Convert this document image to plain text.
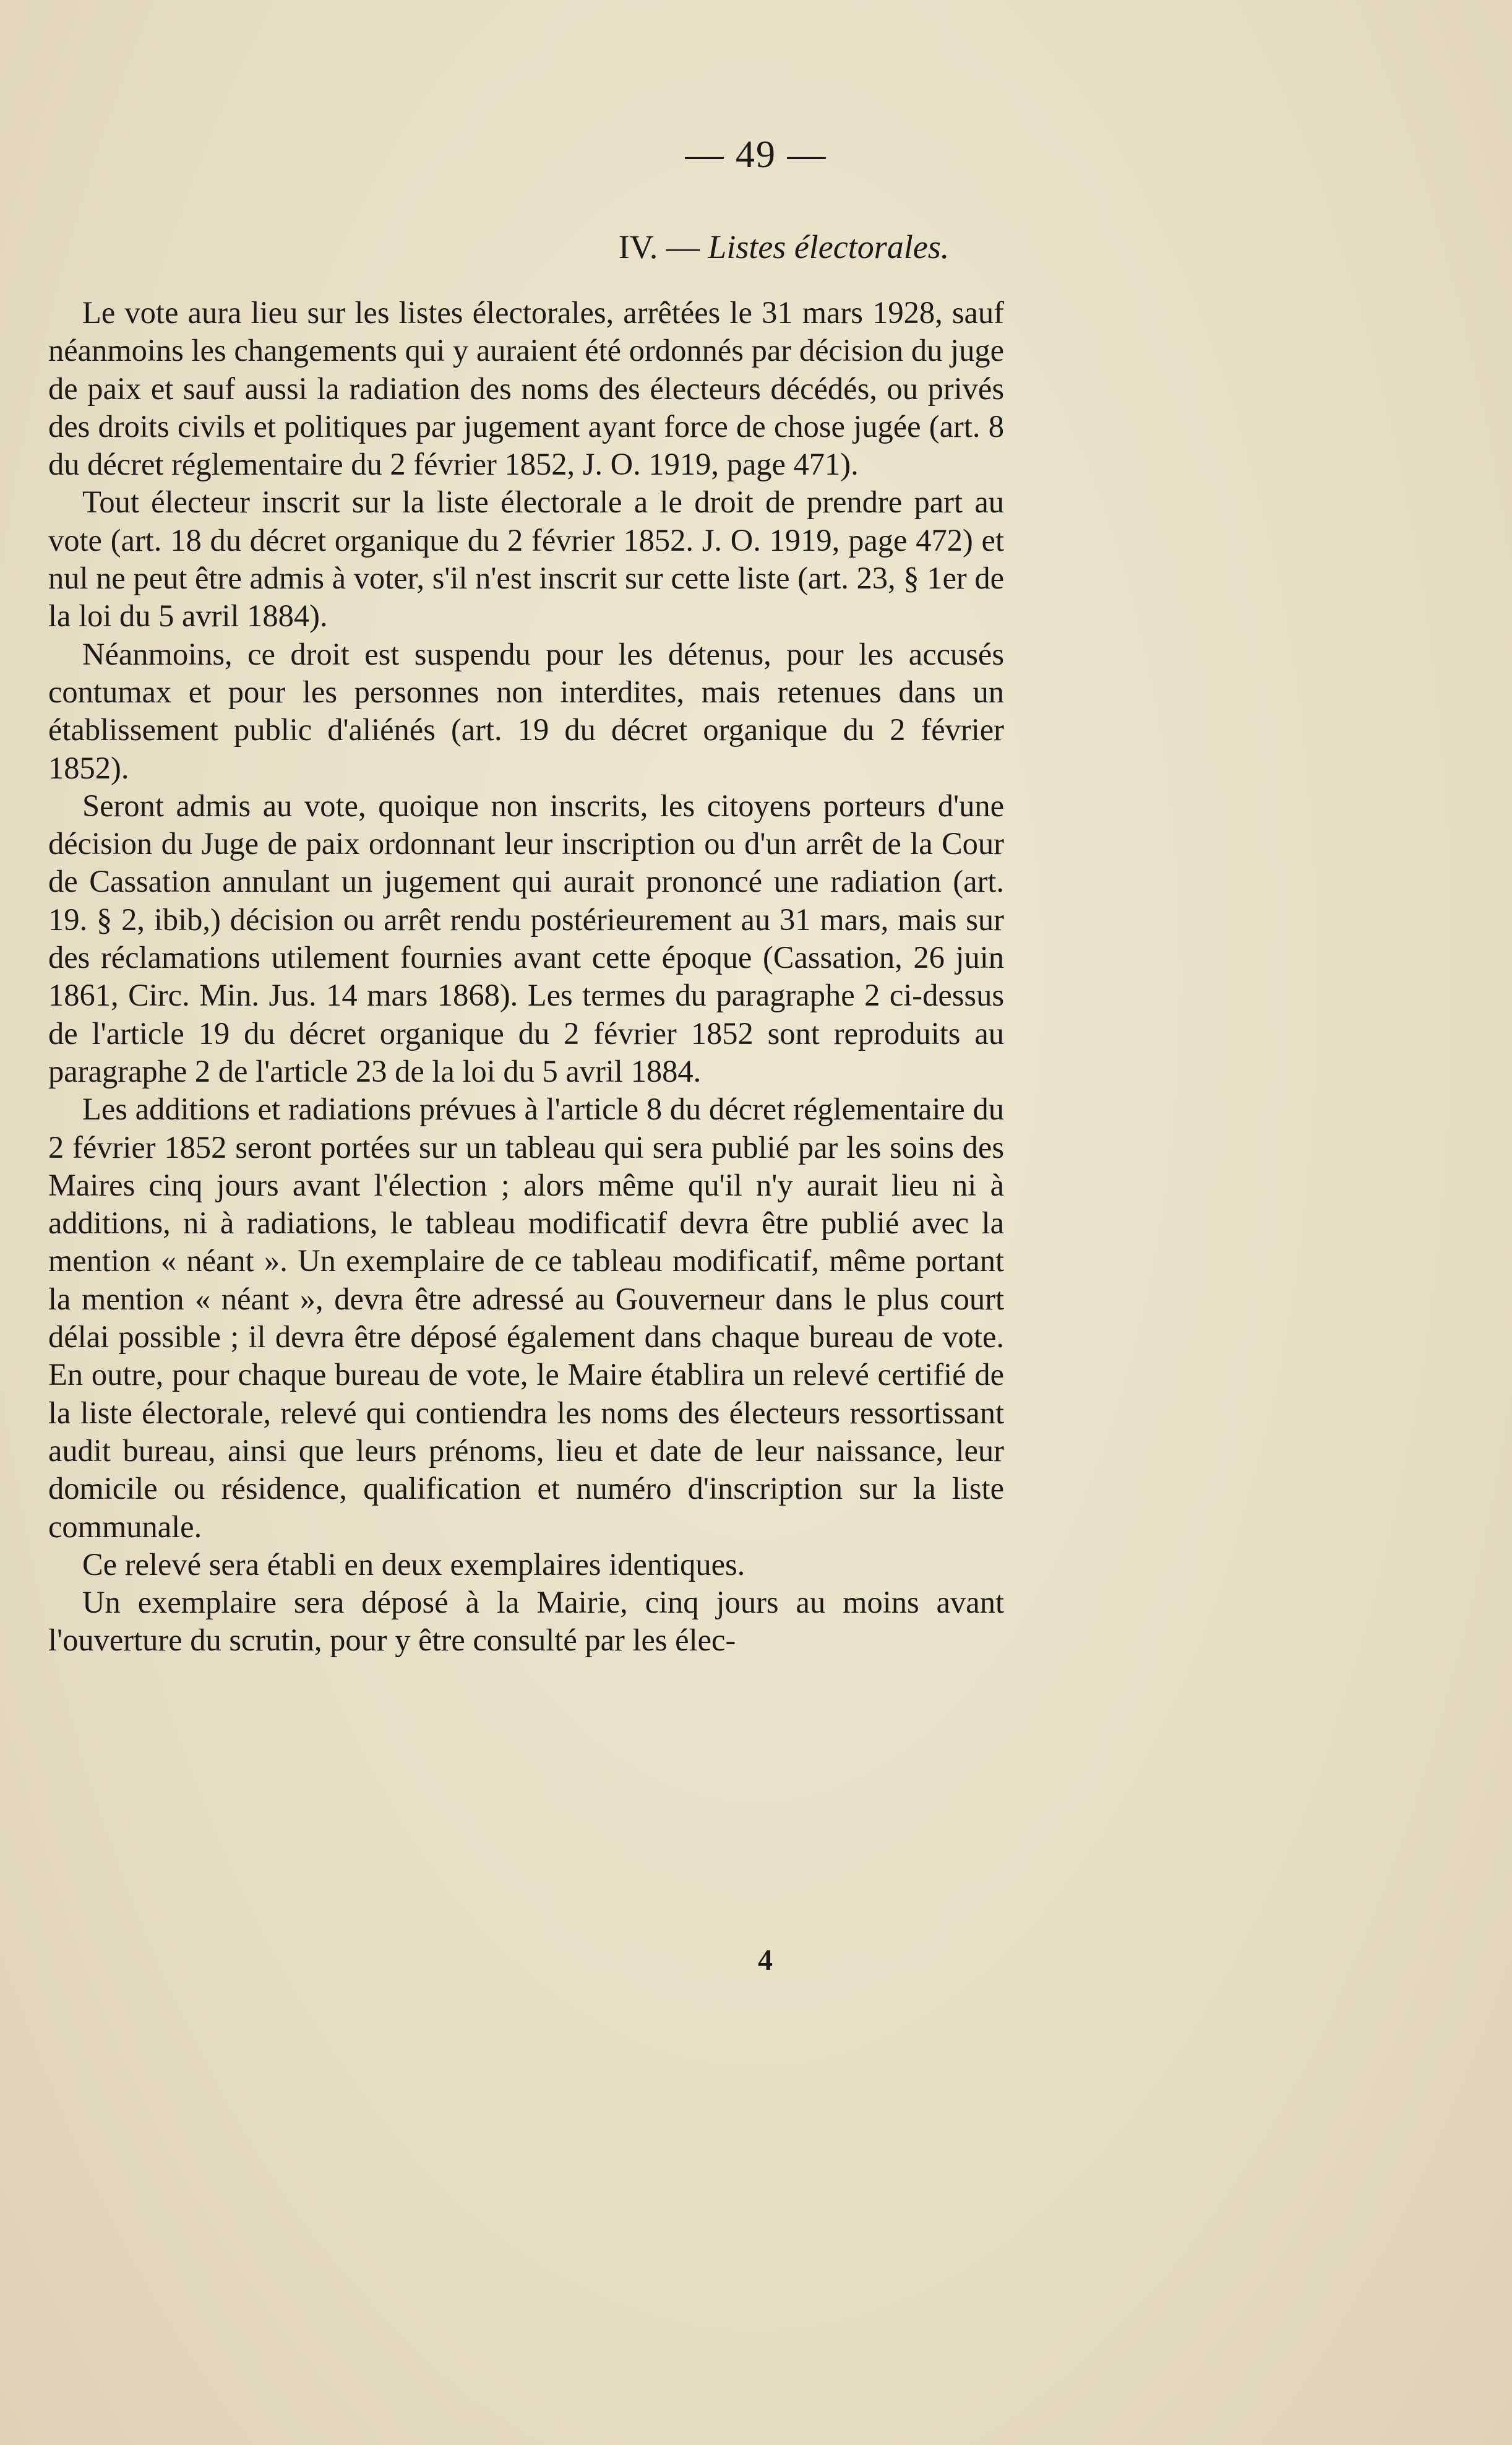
— 49 —
IV. — Listes électorales.

Le vote aura lieu sur les listes électorales, arrêtées le 31 mars 1928, sauf néanmoins les changements qui y auraient été ordonnés par décision du juge de paix et sauf aussi la radiation des noms des électeurs décédés, ou privés des droits civils et politiques par jugement ayant force de chose jugée (art. 8 du décret réglementaire du 2 février 1852, J. O. 1919, page 471).

Tout électeur inscrit sur la liste électorale a le droit de prendre part au vote (art. 18 du décret organique du 2 février 1852. J. O. 1919, page 472) et nul ne peut être admis à voter, s'il n'est inscrit sur cette liste (art. 23, § 1er de la loi du 5 avril 1884).

Néanmoins, ce droit est suspendu pour les détenus, pour les accusés contumax et pour les personnes non interdites, mais retenues dans un établissement public d'aliénés (art. 19 du décret organique du 2 février 1852).

Seront admis au vote, quoique non inscrits, les citoyens porteurs d'une décision du Juge de paix ordonnant leur inscription ou d'un arrêt de la Cour de Cassation annulant un jugement qui aurait prononcé une radiation (art. 19. § 2, ibib,) décision ou arrêt rendu postérieurement au 31 mars, mais sur des réclamations utilement fournies avant cette époque (Cassation, 26 juin 1861, Circ. Min. Jus. 14 mars 1868). Les termes du paragraphe 2 ci-dessus de l'article 19 du décret organique du 2 février 1852 sont reproduits au paragraphe 2 de l'article 23 de la loi du 5 avril 1884.

Les additions et radiations prévues à l'article 8 du décret réglementaire du 2 février 1852 seront portées sur un tableau qui sera publié par les soins des Maires cinq jours avant l'élection ; alors même qu'il n'y aurait lieu ni à additions, ni à radiations, le tableau modificatif devra être publié avec la mention « néant ». Un exemplaire de ce tableau modificatif, même portant la mention « néant », devra être adressé au Gouverneur dans le plus court délai possible ; il devra être déposé également dans chaque bureau de vote. En outre, pour chaque bureau de vote, le Maire établira un relevé certifié de la liste électorale, relevé qui contiendra les noms des électeurs ressortissant audit bureau, ainsi que leurs prénoms, lieu et date de leur naissance, leur domicile ou résidence, qualification et numéro d'inscription sur la liste communale.

Ce relevé sera établi en deux exemplaires identiques.

Un exemplaire sera déposé à la Mairie, cinq jours au moins avant l'ouverture du scrutin, pour y être consulté par les élec-

4
